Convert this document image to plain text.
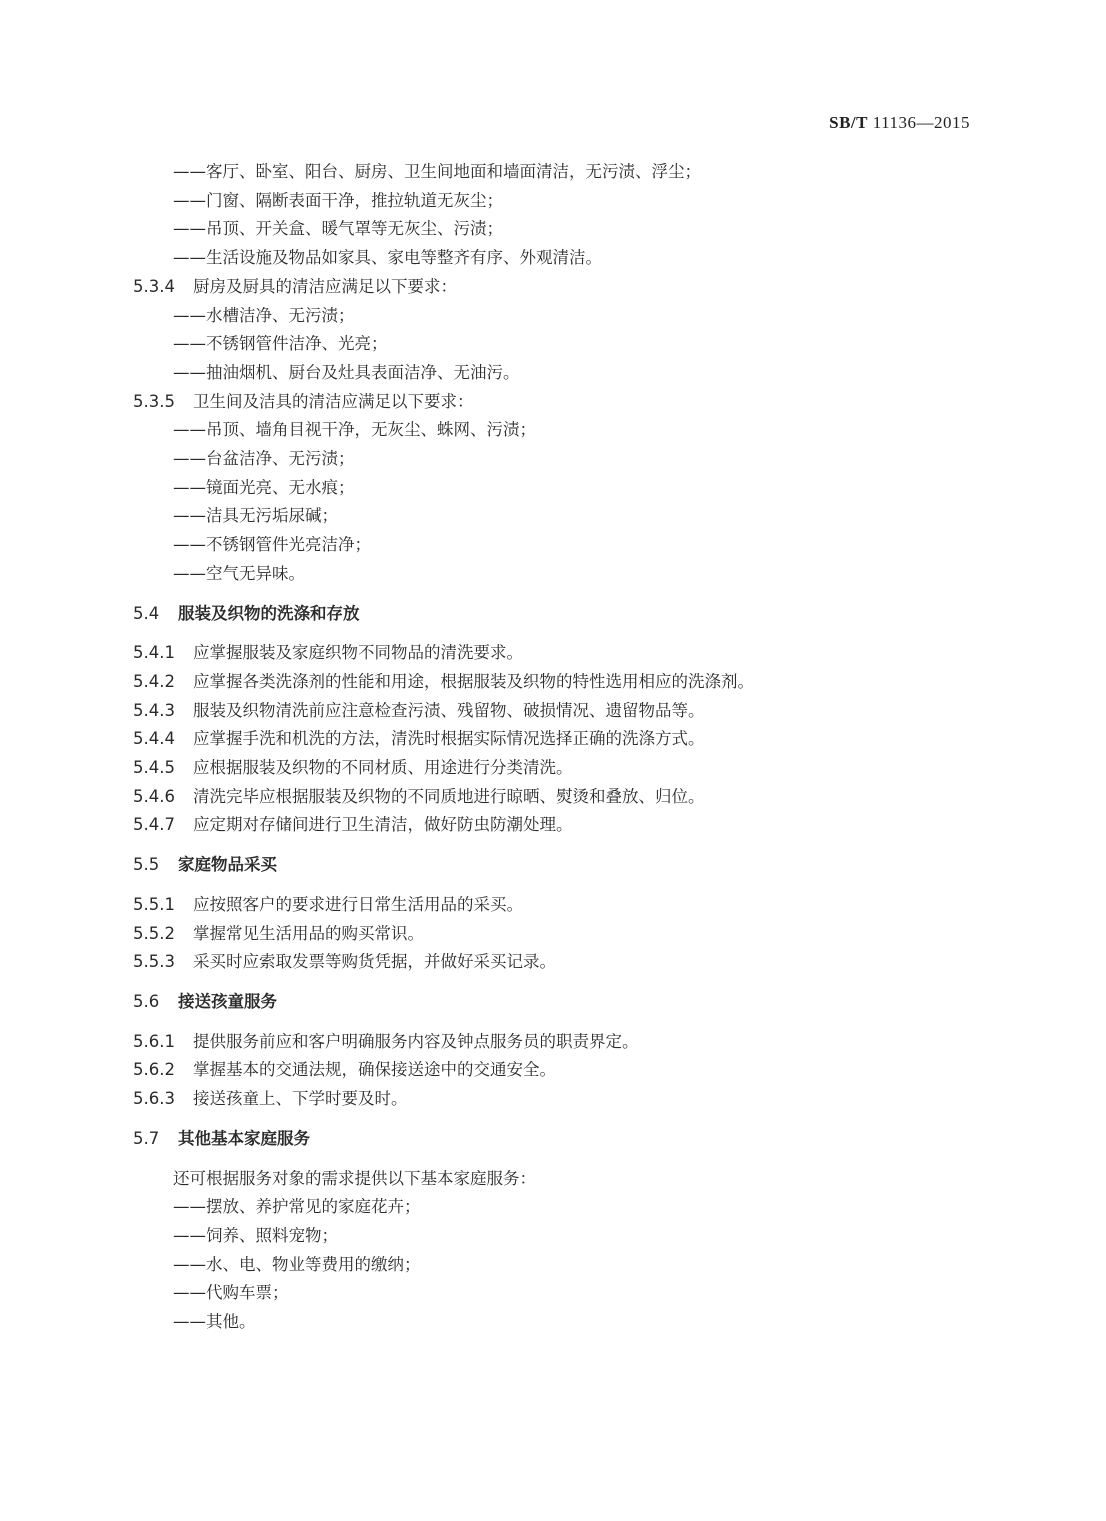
SB/T 11136—2015
——客厅、卧室、阳台、厨房、卫生间地面和墙面清洁，无污渍、浮尘；
——门窗、隔断表面干净，推拉轨道无灰尘；
——吊顶、开关盒、暖气罩等无灰尘、污渍；
——生活设施及物品如家具、家电等整齐有序、外观清洁。
5.3.4 厨房及厨具的清洁应满足以下要求：
——水槽洁净、无污渍；
——不锈钢管件洁净、光亮；
——抽油烟机、厨台及灶具表面洁净、无油污。
5.3.5 卫生间及洁具的清洁应满足以下要求：
——吊顶、墙角目视干净，无灰尘、蛛网、污渍；
——台盆洁净、无污渍；
——镜面光亮、无水痕；
——洁具无污垢尿碱；
——不锈钢管件光亮洁净；
——空气无异味。
5.4 服装及织物的洗涤和存放
5.4.1 应掌握服装及家庭织物不同物品的清洗要求。
5.4.2 应掌握各类洗涤剂的性能和用途，根据服装及织物的特性选用相应的洗涤剂。
5.4.3 服装及织物清洗前应注意检查污渍、残留物、破损情况、遗留物品等。
5.4.4 应掌握手洗和机洗的方法，清洗时根据实际情况选择正确的洗涤方式。
5.4.5 应根据服装及织物的不同材质、用途进行分类清洗。
5.4.6 清洗完毕应根据服装及织物的不同质地进行晾晒、熨烫和叠放、归位。
5.4.7 应定期对存储间进行卫生清洁，做好防虫防潮处理。
5.5 家庭物品采买
5.5.1 应按照客户的要求进行日常生活用品的采买。
5.5.2 掌握常见生活用品的购买常识。
5.5.3 采买时应索取发票等购货凭据，并做好采买记录。
5.6 接送孩童服务
5.6.1 提供服务前应和客户明确服务内容及钟点服务员的职责界定。
5.6.2 掌握基本的交通法规，确保接送途中的交通安全。
5.6.3 接送孩童上、下学时要及时。
5.7 其他基本家庭服务
还可根据服务对象的需求提供以下基本家庭服务：
——摆放、养护常见的家庭花卉；
——饲养、照料宠物；
——水、电、物业等费用的缴纳；
——代购车票；
——其他。
